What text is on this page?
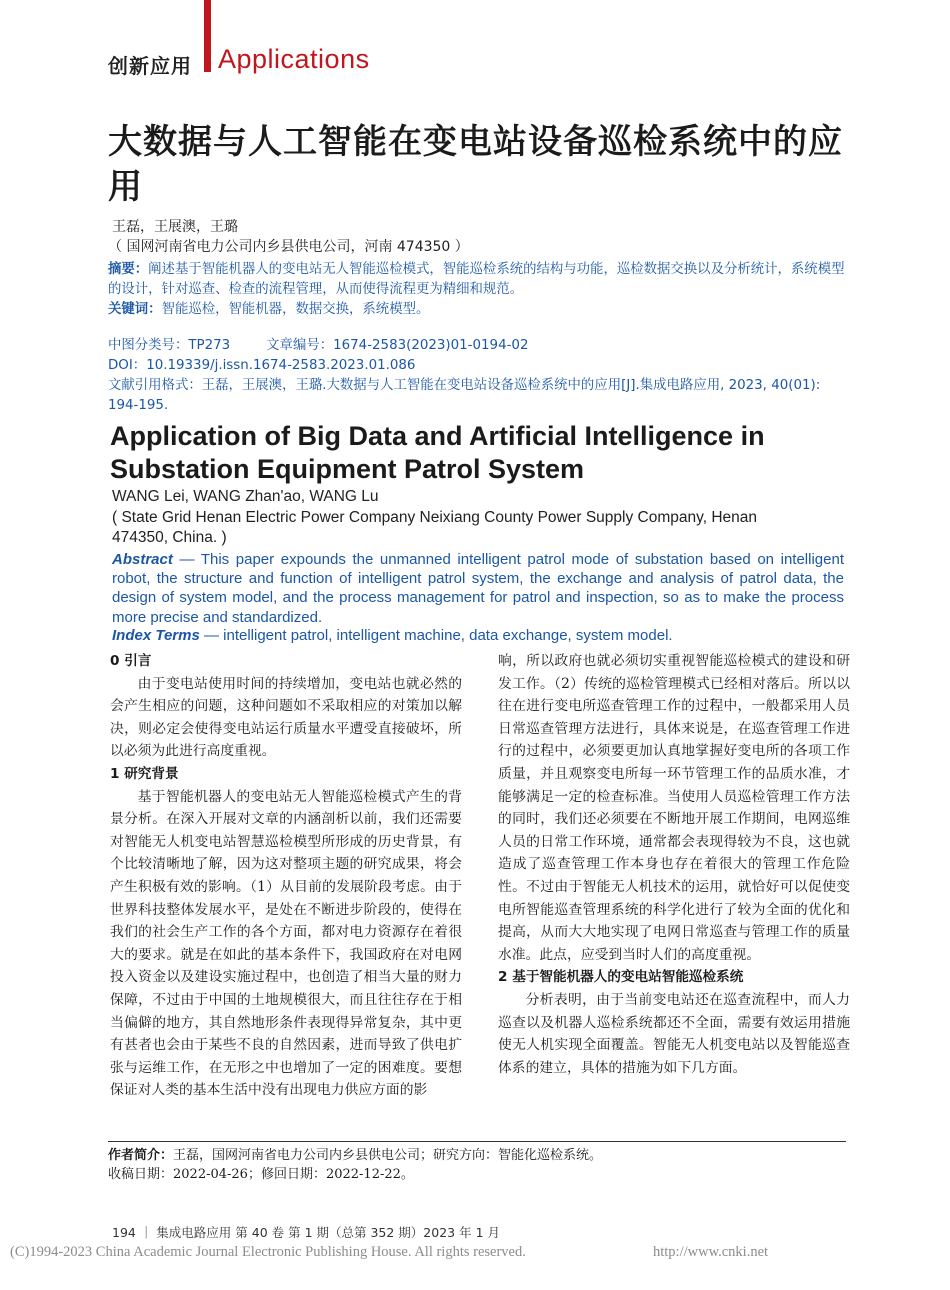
创新应用 Applications
大数据与人工智能在变电站设备巡检系统中的应用
王磊，王展澳，王璐
（ 国网河南省电力公司内乡县供电公司，河南 474350 ）
摘要：阐述基于智能机器人的变电站无人智能巡检模式，智能巡检系统的结构与功能，巡检数据交换以及分析统计，系统模型的设计，针对巡查、检查的流程管理，从而使得流程更为精细和规范。
关键词：智能巡检，智能机器，数据交换，系统模型。
中图分类号：TP273	文章编号：1674-2583(2023)01-0194-02
DOI：10.19339/j.issn.1674-2583.2023.01.086
文献引用格式：王磊，王展澳，王璐.大数据与人工智能在变电站设备巡检系统中的应用[J].集成电路应用, 2023, 40(01): 194-195.
Application of Big Data and Artificial Intelligence in Substation Equipment Patrol System
WANG Lei, WANG Zhan'ao, WANG Lu
( State Grid Henan Electric Power Company Neixiang County Power Supply Company, Henan 474350, China. )
Abstract — This paper expounds the unmanned intelligent patrol mode of substation based on intelligent robot, the structure and function of intelligent patrol system, the exchange and analysis of patrol data, the design of system model, and the process management for patrol and inspection, so as to make the process more precise and standardized.
Index Terms — intelligent patrol, intelligent machine, data exchange, system model.
0 引言

由于变电站使用时间的持续增加，变电站也就必然的会产生相应的问题，这种问题如不采取相应的对策加以解决，则必定会使得变电站运行质量水平遭受直接破坏，所以必须为此进行高度重视。

1 研究背景

基于智能机器人的变电站无人智能巡检模式产生的背景分析。在深入开展对文章的内涵剖析以前，我们还需要对智能无人机变电站智慧巡检模型所形成的历史背景，有个比较清晰地了解，因为这对整项主题的研究成果，将会产生积极有效的影响。（1）从目前的发展阶段考虑。由于世界科技整体发展水平，是处在不断进步阶段的，使得在我们的社会生产工作的各个方面，都对电力资源存在着很大的要求。就是在如此的基本条件下，我国政府在对电网投入资金以及建设实施过程中，也创造了相当大量的财力保障，不过由于中国的土地规模很大，而且往往存在于相当偏僻的地方，其自然地形条件表现得异常复杂，其中更有甚者也会由于某些不良的自然因素，进而导致了供电扩张与运维工作，在无形之中也增加了一定的困难度。要想保证对人类的基本生活中没有出现电力供应方面的影

响，所以政府也就必须切实重视智能巡检模式的建设和研发工作。（2）传统的巡检管理模式已经相对落后。所以以往在进行变电所巡查管理工作的过程中，一般都采用人员日常巡查管理方法进行，具体来说是，在巡查管理工作进行的过程中，必须要更加认真地掌握好变电所的各项工作质量，并且观察变电所每一环节管理工作的品质水准，才能够满足一定的检查标准。当使用人员巡检管理工作方法的同时，我们还必须要在不断地开展工作期间，电网巡维人员的日常工作环境，通常都会表现得较为不良，这也就造成了巡查管理工作本身也存在着很大的管理工作危险性。不过由于智能无人机技术的运用，就恰好可以促使变电所智能巡查管理系统的科学化进行了较为全面的优化和提高，从而大大地实现了电网日常巡查与管理工作的质量水准。此点，应受到当时人们的高度重视。

2 基于智能机器人的变电站智能巡检系统

分析表明，由于当前变电站还在巡查流程中，而人力巡查以及机器人巡检系统都还不全面，需要有效运用措施使无人机实现全面覆盖。智能无人机变电站以及智能巡查体系的建立，具体的措施为如下几方面。

作者简介：王磊，国网河南省电力公司内乡县供电公司；研究方向：智能化巡检系统。
收稿日期：2022-04-26；修回日期：2022-12-22。
194 ｜ 集成电路应用 第 40 卷 第 1 期（总第 352 期）2023 年 1 月
(C)1994-2023 China Academic Journal Electronic Publishing House. All rights reserved.	http://www.cnki.net
